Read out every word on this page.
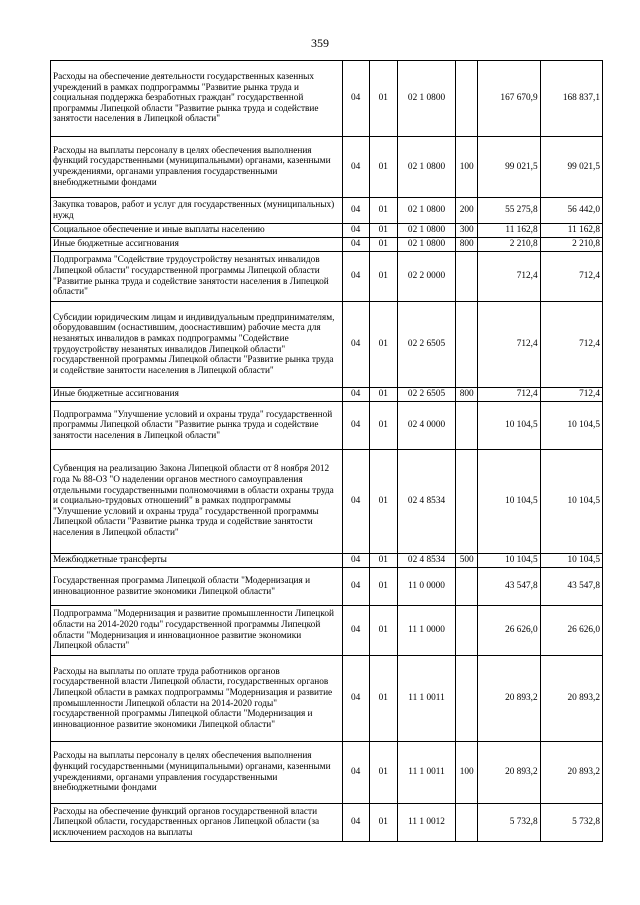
359
Расходы на обеспечение деятельности государственных казенных учреждений в рамках подпрограммы "Развитие рынка труда и социальная поддержка безработных граждан" государственной программы Липецкой области "Развитие рынка труда и содействие занятости населения в Липецкой области"	04	01	02 1 0800		167 670,9	168 837,1
Расходы на выплаты персоналу в целях обеспечения выполнения функций государственными (муниципальными) органами, казенными учреждениями, органами управления государственными внебюджетными фондами	04	01	02 1 0800	100	99 021,5	99 021,5
Закупка товаров, работ и услуг для государственных (муниципальных) нужд	04	01	02 1 0800	200	55 275,8	56 442,0
Социальное обеспечение и иные выплаты населению	04	01	02 1 0800	300	11 162,8	11 162,8
Иные бюджетные ассигнования	04	01	02 1 0800	800	2 210,8	2 210,8
Подпрограмма "Содействие трудоустройству незанятых инвалидов Липецкой области" государственной программы Липецкой области "Развитие рынка труда и содействие занятости населения в Липецкой области"	04	01	02 2 0000		712,4	712,4
Субсидии юридическим лицам и индивидуальным предпринимателям, оборудовавшим (оснастившим, дооснастившим) рабочие места для незанятых инвалидов в рамках подпрограммы "Содействие трудоустройству незанятых инвалидов Липецкой области" государственной программы Липецкой области "Развитие рынка труда и содействие занятости населения в Липецкой области"	04	01	02 2 6505		712,4	712,4
Иные бюджетные ассигнования	04	01	02 2 6505	800	712,4	712,4
Подпрограмма "Улучшение условий и охраны труда" государственной программы Липецкой области "Развитие рынка труда и содействие занятости населения в Липецкой области"	04	01	02 4 0000		10 104,5	10 104,5
Субвенция на реализацию Закона Липецкой области от 8 ноября 2012 года № 88-ОЗ "О наделении органов местного самоуправления отдельными государственными полномочиями в области охраны труда и социально-трудовых отношений" в рамках подпрограммы "Улучшение условий и охраны труда" государственной программы Липецкой области "Развитие рынка труда и содействие занятости населения в Липецкой области"	04	01	02 4 8534		10 104,5	10 104,5
Межбюджетные трансферты	04	01	02 4 8534	500	10 104,5	10 104,5
Государственная программа Липецкой области "Модернизация и инновационное развитие экономики Липецкой области"	04	01	11 0 0000		43 547,8	43 547,8
Подпрограмма "Модернизация и развитие промышленности Липецкой области на 2014-2020 годы" государственной программы Липецкой области "Модернизация и инновационное развитие экономики Липецкой области"	04	01	11 1 0000		26 626,0	26 626,0
Расходы на выплаты по оплате труда работников органов государственной власти Липецкой области, государственных органов Липецкой области в рамках подпрограммы "Модернизация и развитие промышленности Липецкой области на 2014-2020 годы" государственной программы Липецкой области "Модернизация и инновационное развитие экономики Липецкой области"	04	01	11 1 0011		20 893,2	20 893,2
Расходы на выплаты персоналу в целях обеспечения выполнения функций государственными (муниципальными) органами, казенными учреждениями, органами управления государственными внебюджетными фондами	04	01	11 1 0011	100	20 893,2	20 893,2
Расходы на обеспечение функций органов государственной власти Липецкой области, государственных органов Липецкой области (за исключением расходов на выплаты	04	01	11 1 0012		5 732,8	5 732,8
